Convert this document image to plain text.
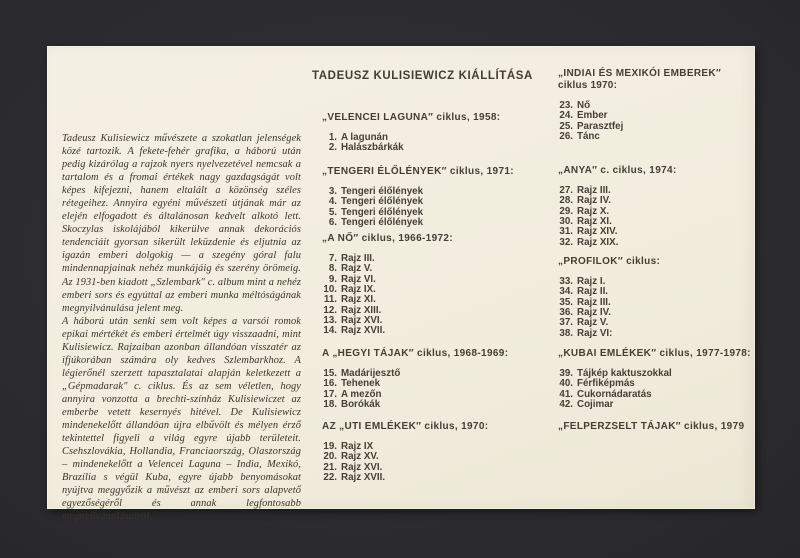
Tadeusz Kulisiewicz művészete a szokatlan jelenségek közé tartozik. A fekete-fehér grafika, a háború után pedig kizárólag a rajzok nyers nyelvezetével nemcsak a tartalom és a fromai értékek nagy gazdagságát volt képes kifejezni, hanem eltalált a közönség széles rétegeihez. Annyira egyéni művészeti útjának már az elején elfogadott és általánosan kedvelt alkotó lett. Skoczylas iskolájából kikerülve annak dekorációs tendenciáit gyorsan sikerült leküzdenie és eljutnia az igazán emberi dolgokig — a szegény góral falu mindennapjainak nehéz munkájáig és szerény örömeig. Az 1931-ben kiadott „Szlembark″ c. album mint a nehéz emberi sors és egyúttal az emberi munka méltóságának megnyilvánulása jelent meg.

A háború után senki sem volt képes a varsói romok epikai mértékét és emberi értelmét úgy visszaadni, mint Kulisiewicz. Rajzaiban azonban állandóan visszatér az ifjúkorában számára oly kedves Szlembarkhoz. A légierőnél szerzett tapasztalatai alapján keletkezett a „Gépmadarak″ c. ciklus. És az sem véletlen, hogy annyira vonzotta a brechti-színház Kulisiewiczet az emberbe vetett kesernyés hitével. De Kulisiewicz mindenekelőtt állandóan újra elbűvölt és mélyen érző tekintettel figyeli a világ egyre újabb területeit. Csehszlovákia, Hollandia, Franciaország, Olaszország – mindenekelőtt a Velencei Laguna – India, Mexikó, Brazília s végül Kuba, egyre újabb benyomásokat nyújtva meggyőzik a művészt az emberi sors alapvető egyezőségéről és annak legfontosabb megnyilvánulásairól.

TADEUSZ KULISIEWICZ KIÁLLÍTÁSA
„VELENCEI LAGUNA″ ciklus, 1958:
1. A lagunán
2. Halászbárkák
„TENGERI ÉLŐLÉNYEK″ ciklus, 1971:
3. Tengeri élőlények
4. Tengeri élőlények
5. Tengeri élőlények
6. Tengeri élőlények
„A NŐ″ ciklus, 1966-1972:
7. Rajz III.
8. Rajz V.
9. Rajz VI.
10. Rajz IX.
11. Rajz XI.
12. Rajz XIII.
13. Rajz XVI.
14. Rajz XVII.
A „HEGYI TÁJAK″ ciklus, 1968-1969:
15. Madárijesztő
16. Tehenek
17. A mezőn
18. Borókák
AZ „UTI EMLÉKEK″ ciklus, 1970:
19. Rajz IX
20. Rajz XV.
21. Rajz XVI.
22. Rajz XVII.
„INDIAI ÉS MEXIKÓI EMBEREK″
ciklus 1970:
23. Nő
24. Ember
25. Parasztfej
26. Tánc
„ANYA″ c. ciklus, 1974:
27. Rajz III.
28. Rajz IV.
29. Rajz X.
30. Rajz XI.
31. Rajz XIV.
32. Rajz XIX.
„PROFILOK″ ciklus:
33. Rajz I.
34. Rajz II.
35. Rajz III.
36. Rajz IV.
37. Rajz V.
38. Rajz VI:
„KUBAI EMLÉKEK″ ciklus, 1977-1978:
39. Tájkép kaktuszokkal
40. Férfiképmás
41. Cukornádaratás
42. Cojimar
„FELPERZSELT TÁJAK″ ciklus, 1979
